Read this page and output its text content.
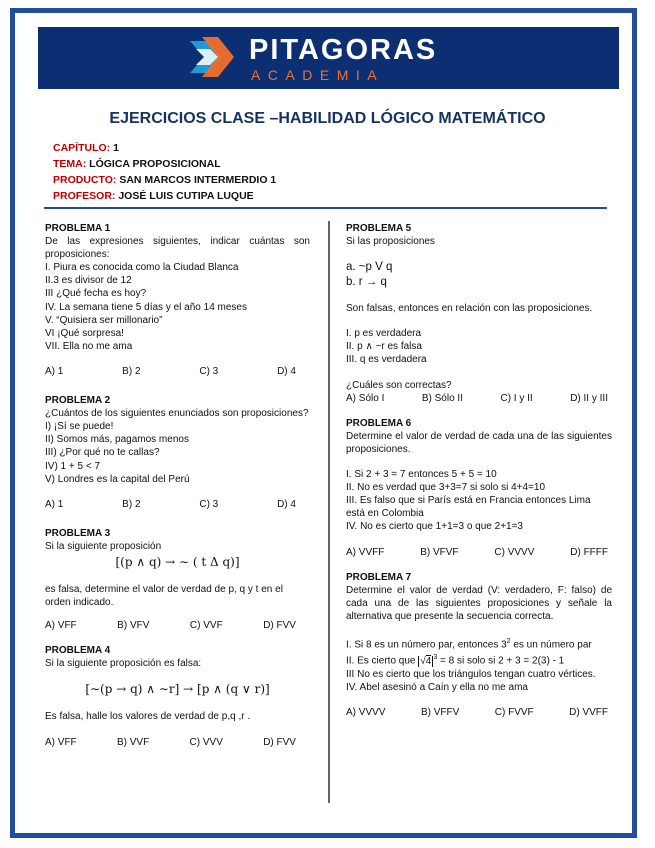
PITAGORAS
ACADEMIA
EJERCICIOS CLASE –HABILIDAD LÓGICO MATEMÁTICO
CAPÍTULO: 1
TEMA: LÓGICA PROPOSICIONAL
PRODUCTO: SAN MARCOS INTERMERDIO 1
PROFESOR: JOSÉ LUIS CUTIPA LUQUE
PROBLEMA 1
De las expresiones siguientes, indicar cuántas son proposiciones:
I. Piura es conocida como la Ciudad Blanca
II.3 es divisor de 12
III ¿Qué fecha es hoy?
IV. La semana tiene 5 días y el año 14 meses
V. “Quisiera ser millonario”
VI ¡Qué sorpresa!
VII. Ella no me ama
A) 1	B) 2	C) 3	D) 4
PROBLEMA 2
¿Cuántos de los siguientes enunciados son proposiciones?
I) ¡Sí se puede!
II) Somos más, pagamos menos
III) ¿Por qué no te callas?
IV) 1 + 5 < 7
V) Londres es la capital del Perú
A) 1	B) 2	C) 3	D) 4
PROBLEMA 3
Si la siguiente proposición
[(p ∧ q) → ∼ ( t Δ q)]
es falsa, determine el valor de verdad de p, q y t en el orden indicado.
A) VFF	B) VFV	C) VVF	D) FVV
PROBLEMA 4
Si la siguiente proposición es falsa:
[∼(p → q) ∧ ∼r] → [p ∧ (q ∨ r)]
Es falsa, halle los valores de verdad de p,q ,r .
A) VFF	B) VVF	C) VVV	D) FVV
PROBLEMA 5
Si las proposiciones
a. ~p V q
b. r → q
Son falsas, entonces en relación con las proposiciones.
I. p es verdadera
II. p ∧ ~r es falsa
III. q es verdadera
¿Cuáles son correctas?
A) Sólo I	B) Sólo II	C) I y II	D) II y III
PROBLEMA 6
Determine el valor de verdad de cada una de las siguientes proposiciones.
I. Si 2 + 3 = 7 entonces 5 + 5 = 10
II. No es verdad que 3+3=7 si solo si 4+4=10
III. Es falso que si París está en Francia entonces Lima está en Colombia
IV. No es cierto que 1+1=3 o que 2+1=3
A) VVFF	B) VFVF	C) VVVV	D) FFFF
PROBLEMA 7
Determine el valor de verdad (V: verdadero, F: falso) de cada una de las siguientes proposiciones y señale la alternativa que presente la secuencia correcta.
I. Si 8 es un número par, entonces $3^2$ es un número par
II. Es cierto que √4 $^3$ = 8 si solo si 2 + 3 = 2(3) - 1
III No es cierto que los triángulos tengan cuatro vértices.
IV. Abel asesinó a Caín y ella no me ama
A) VVVV	B) VFFV	C) FVVF	D) VVFF
